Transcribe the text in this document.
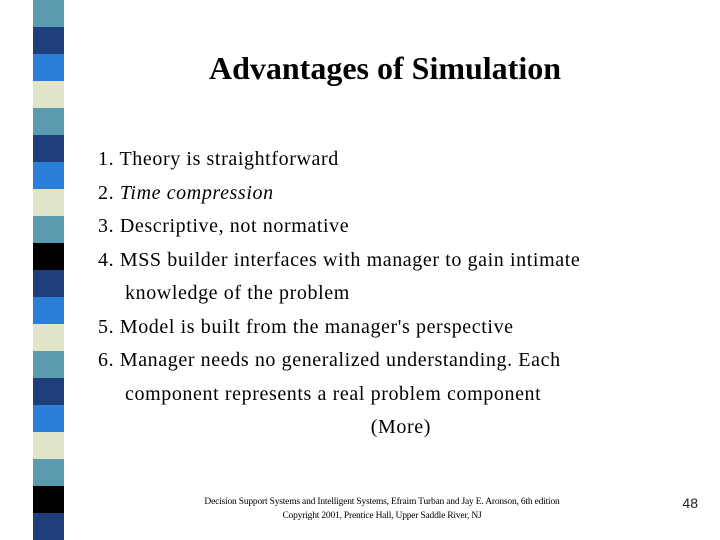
Advantages of Simulation
1. Theory is straightforward
2. Time compression
3. Descriptive, not normative
4. MSS builder interfaces with manager to gain intimate
knowledge of the problem
5. Model is built from the manager's perspective
6. Manager needs no generalized understanding. Each
component represents a real problem component
(More)
Decision Support Systems and Intelligent Systems, Efraim Turban and Jay E. Aronson, 6th edition
Copyright 2001, Prentice Hall, Upper Saddle River, NJ
48
